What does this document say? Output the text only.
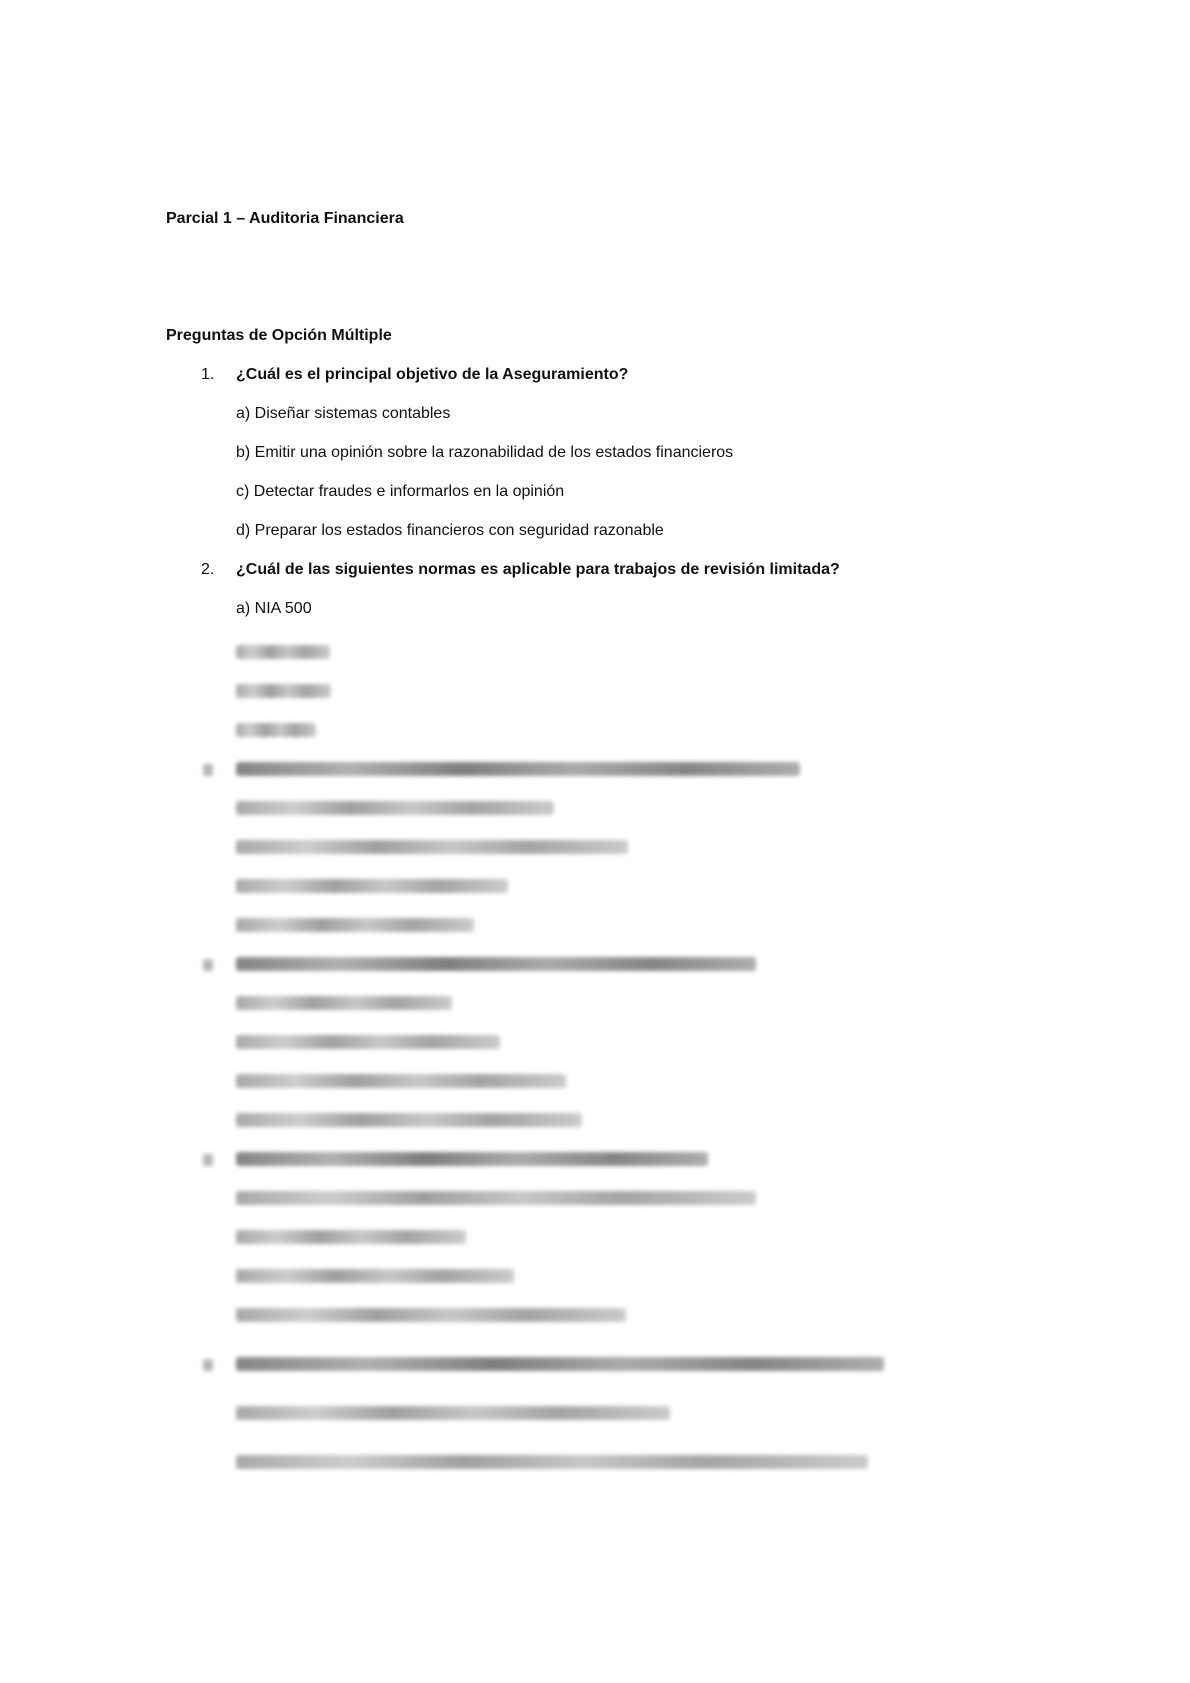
Parcial 1 – Auditoria Financiera
Preguntas de Opción Múltiple
1. ¿Cuál es el principal objetivo de la Aseguramiento?
a) Diseñar sistemas contables
b) Emitir una opinión sobre la razonabilidad de los estados financieros
c) Detectar fraudes e informarlos en la opinión
d) Preparar los estados financieros con seguridad razonable
2. ¿Cuál de las siguientes normas es aplicable para trabajos de revisión limitada?
a) NIA 500
